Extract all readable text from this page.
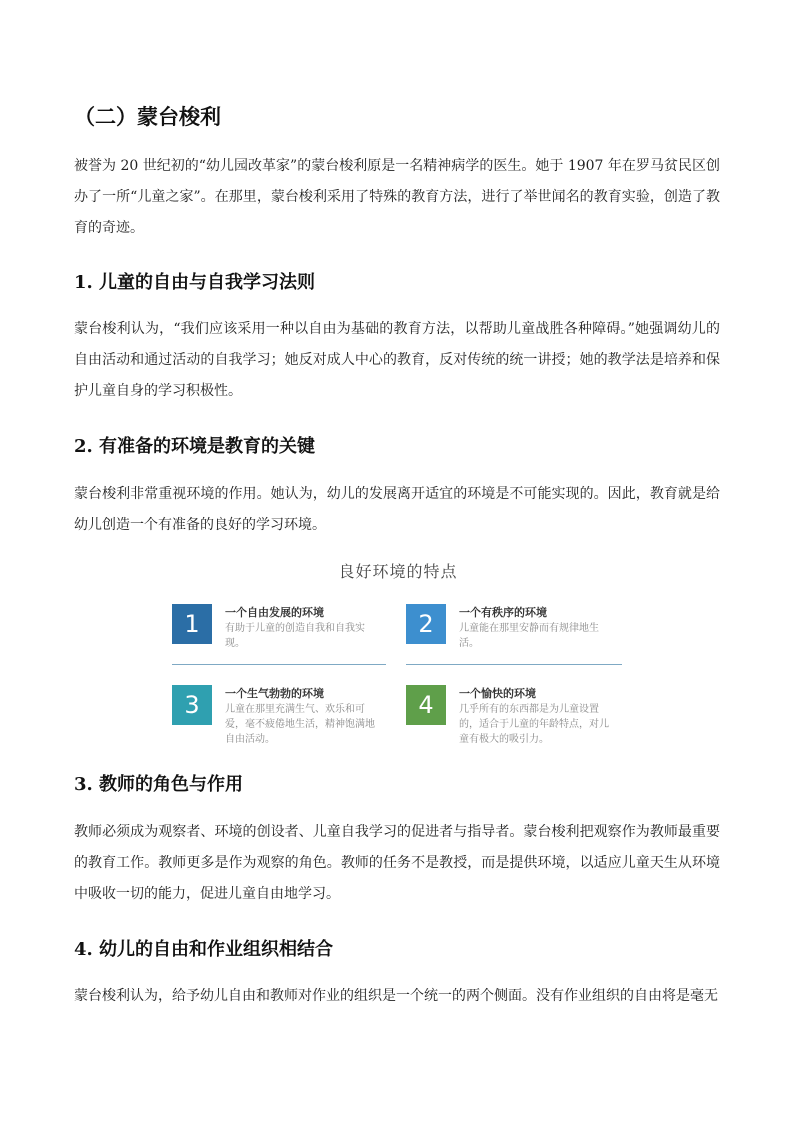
（二）蒙台梭利

被誉为 20 世纪初的“幼儿园改革家”的蒙台梭利原是一名精神病学的医生。她于 1907 年在罗马贫民区创办了一所“儿童之家”。在那里，蒙台梭利采用了特殊的教育方法，进行了举世闻名的教育实验，创造了教育的奇迹。

1. 儿童的自由与自我学习法则

蒙台梭利认为，“我们应该采用一种以自由为基础的教育方法，以帮助儿童战胜各种障碍。”她强调幼儿的自由活动和通过活动的自我学习；她反对成人中心的教育，反对传统的统一讲授；她的教学法是培养和保护儿童自身的学习积极性。

2. 有准备的环境是教育的关键

蒙台梭利非常重视环境的作用。她认为，幼儿的发展离开适宜的环境是不可能实现的。因此，教育就是给幼儿创造一个有准备的良好的学习环境。

良好环境的特点
1	一个自由发展的环境
有助于儿童的创造自我和自我实现。
2	一个有秩序的环境
儿童能在那里安静而有规律地生活。
3	一个生气勃勃的环境
儿童在那里充满生气、欢乐和可爱，毫不疲倦地生活，精神饱满地自由活动。
4	一个愉快的环境
几乎所有的东西都是为儿童设置的，适合于儿童的年龄特点，对儿童有极大的吸引力。
3. 教师的角色与作用

教师必须成为观察者、环境的创设者、儿童自我学习的促进者与指导者。蒙台梭利把观察作为教师最重要的教育工作。教师更多是作为观察的角色。教师的任务不是教授，而是提供环境，以适应儿童天生从环境中吸收一切的能力，促进儿童自由地学习。

4. 幼儿的自由和作业组织相结合

蒙台梭利认为，给予幼儿自由和教师对作业的组织是一个统一的两个侧面。没有作业组织的自由将是毫无
